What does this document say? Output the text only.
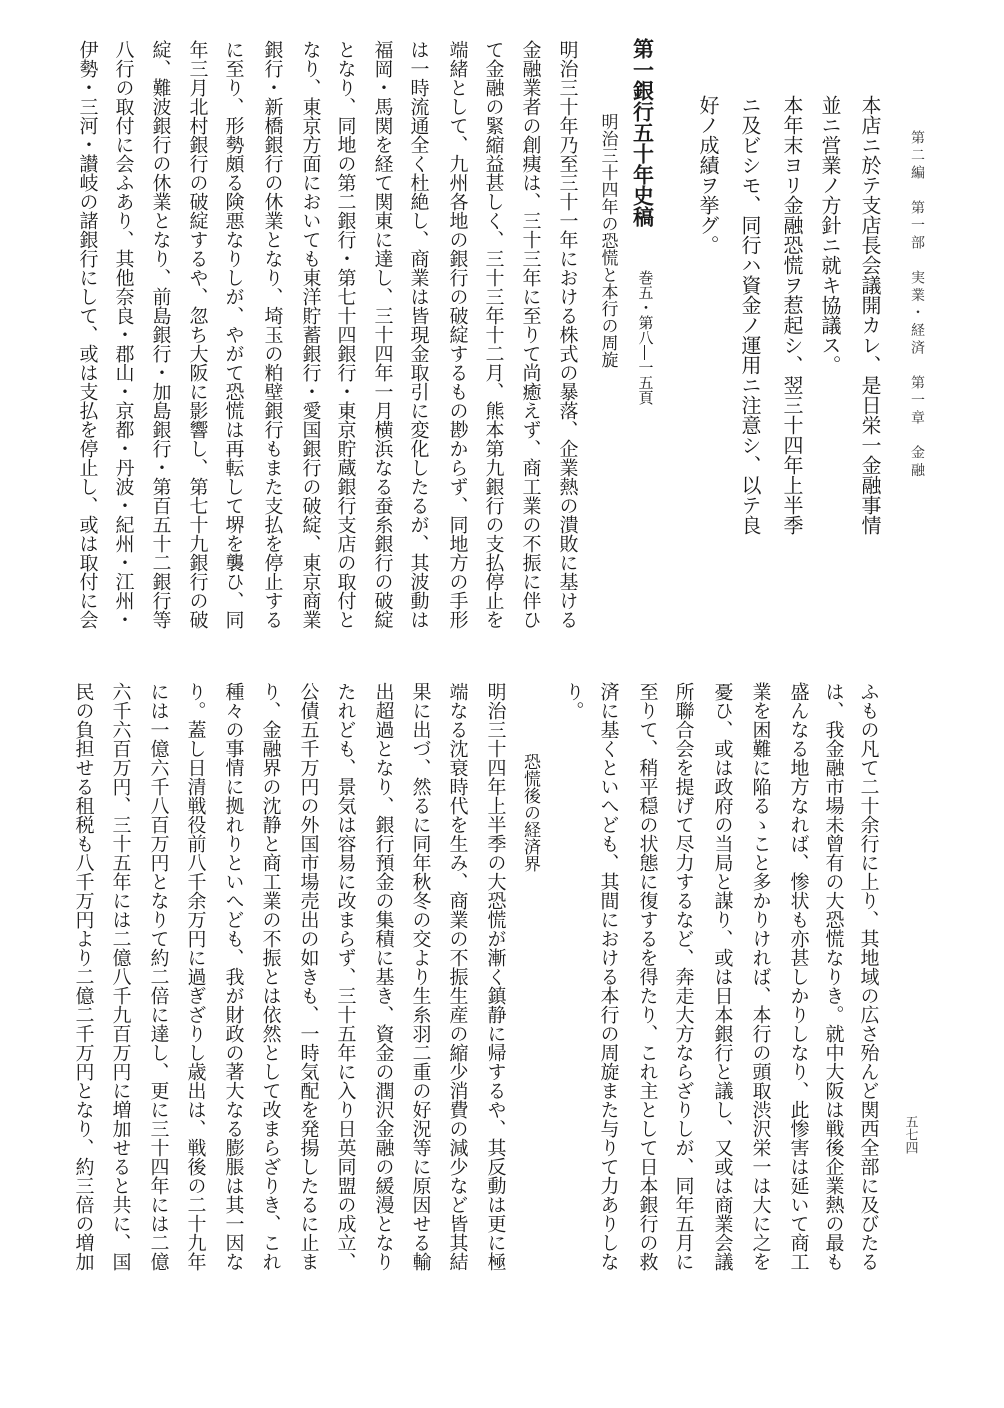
第二編　第一部　実業・経済　第一章　金融
五七四
本店ニ於テ支店長会議開カレ、是日栄一金融事情
並ニ営業ノ方針ニ就キ協議ス。
本年末ヨリ金融恐慌ヲ惹起シ、翌三十四年上半季
ニ及ビシモ、同行ハ資金ノ運用ニ注意シ、以テ良
好ノ成績ヲ挙グ。
第一銀行五十年史稿
巻五・第八―一五頁
明治三十四年の恐慌と本行の周旋
明治三十年乃至三十一年における株式の暴落、企業熱の潰敗に基ける
金融業者の創痍は、三十三年に至りて尚癒えず、商工業の不振に伴ひ
て金融の緊縮益甚しく、三十三年十二月、熊本第九銀行の支払停止を
端緒として、九州各地の銀行の破綻するもの尠からず、同地方の手形
は一時流通全く杜絶し、商業は皆現金取引に変化したるが、其波動は
福岡・馬関を経て関東に達し、三十四年一月横浜なる蚕糸銀行の破綻
となり、同地の第二銀行・第七十四銀行・東京貯蔵銀行支店の取付と
なり、東京方面においても東洋貯蓄銀行・愛国銀行の破綻、東京商業
銀行・新橋銀行の休業となり、埼玉の粕壁銀行もまた支払を停止する
に至り、形勢頗る険悪なりしが、やがて恐慌は再転して堺を襲ひ、同
年三月北村銀行の破綻するや、忽ち大阪に影響し、第七十九銀行の破
綻、難波銀行の休業となり、前島銀行・加島銀行・第百五十二銀行等
八行の取付に会ふあり、其他奈良・郡山・京都・丹波・紀州・江州・
伊勢・三河・讃岐の諸銀行にして、或は支払を停止し、或は取付に会
ふもの凡て二十余行に上り、其地域の広さ殆んど関西全部に及びたる
は、我金融市場未曾有の大恐慌なりき。就中大阪は戦後企業熱の最も
盛んなる地方なれば、惨状も亦甚しかりしなり、此惨害は延いて商工
業を困難に陥るゝこと多かりければ、本行の頭取渋沢栄一は大に之を
憂ひ、或は政府の当局と謀り、或は日本銀行と議し、又或は商業会議
所聯合会を提げて尽力するなど、奔走大方ならざりしが、同年五月に
至りて、稍平穏の状態に復するを得たり、これ主として日本銀行の救
済に基くといへども、其間における本行の周旋また与りて力ありしな
り。
恐慌後の経済界
明治三十四年上半季の大恐慌が漸く鎮静に帰するや、其反動は更に極
端なる沈衰時代を生み、商業の不振生産の縮少消費の減少など皆其結
果に出づ、然るに同年秋冬の交より生糸羽二重の好況等に原因せる輸
出超過となり、銀行預金の集積に基き、資金の潤沢金融の緩漫となり
たれども、景気は容易に改まらず、三十五年に入り日英同盟の成立、
公債五千万円の外国市場売出の如きも、一時気配を発揚したるに止ま
り、金融界の沈静と商工業の不振とは依然として改まらざりき、これ
種々の事情に拠れりといへども、我が財政の著大なる膨脹は其一因な
り。蓋し日清戦役前八千余万円に過ぎざりし歳出は、戦後の二十九年
には一億六千八百万円となりて約二倍に達し、更に三十四年には二億
六千六百万円、三十五年には二億八千九百万円に増加せると共に、国
民の負担せる租税も八千万円より二億二千万円となり、約三倍の増加
